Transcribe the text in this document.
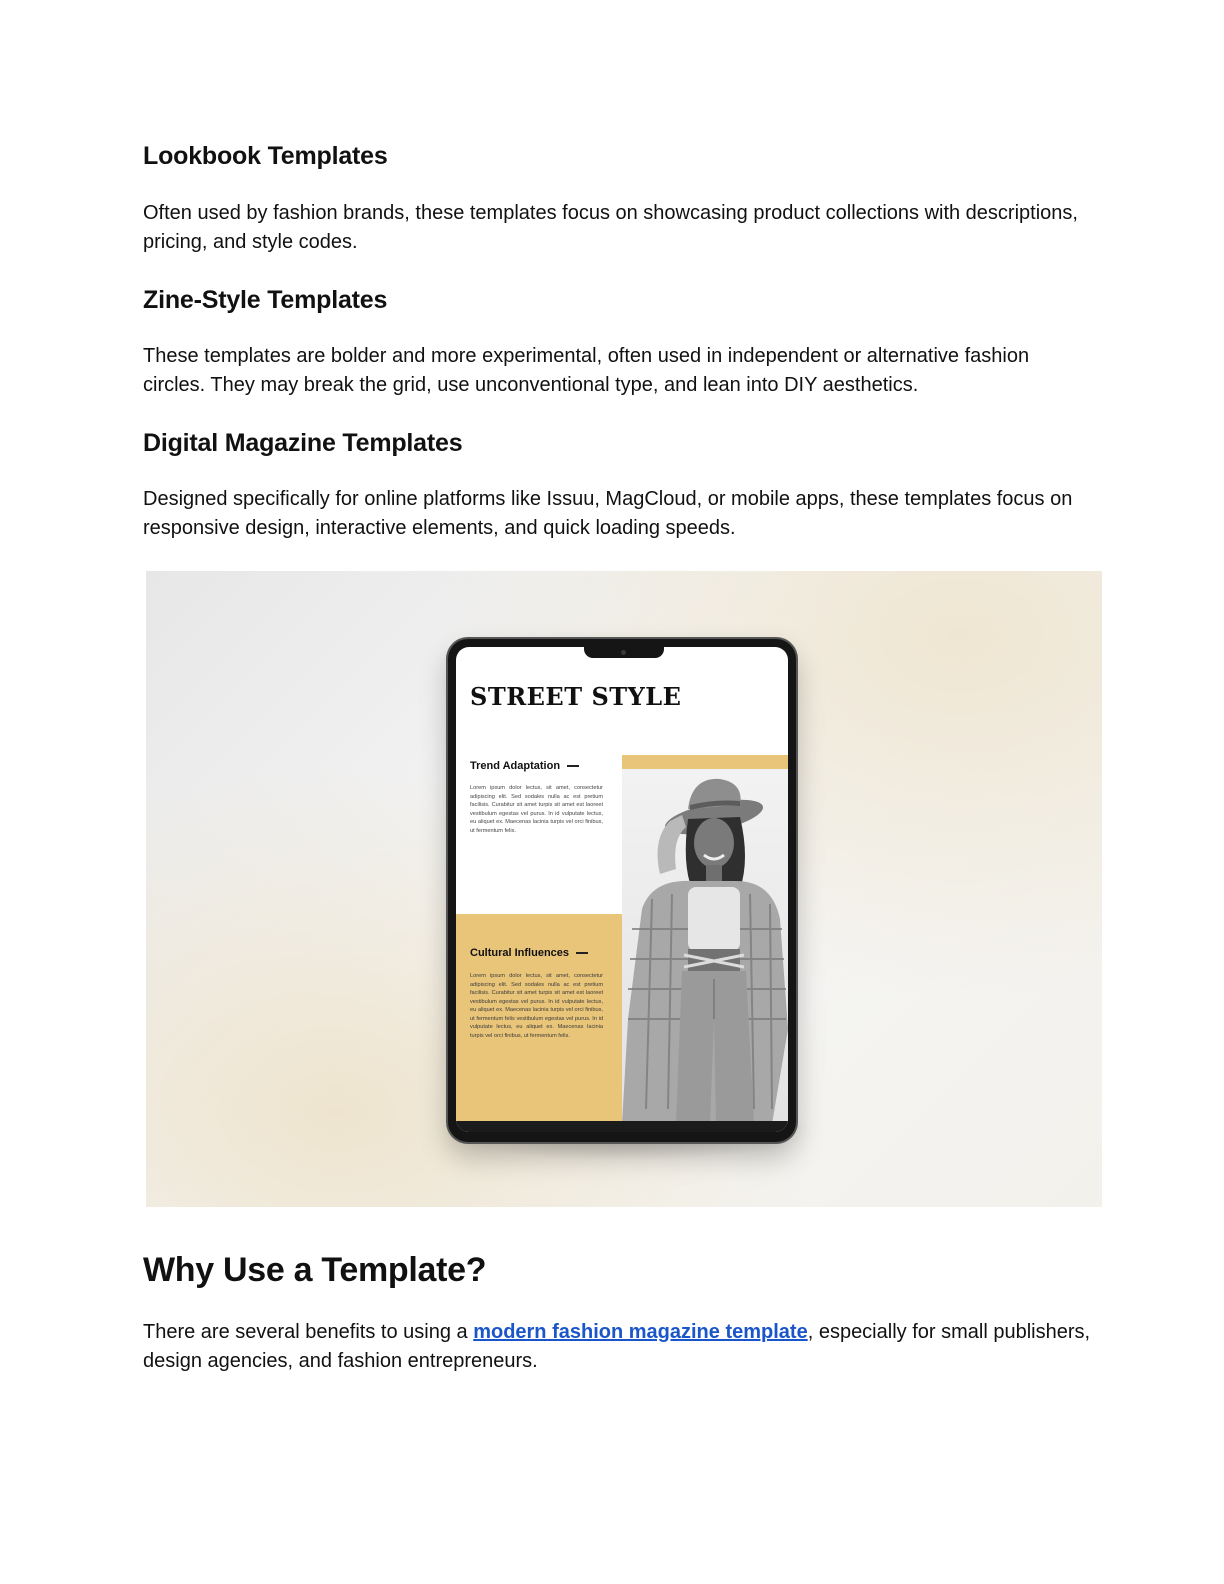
Lookbook Templates

Often used by fashion brands, these templates focus on showcasing product collections with descriptions, pricing, and style codes.

Zine-Style Templates

These templates are bolder and more experimental, often used in independent or alternative fashion circles. They may break the grid, use unconventional type, and lean into DIY aesthetics.

Digital Magazine Templates

Designed specifically for online platforms like Issuu, MagCloud, or mobile apps, these templates focus on responsive design, interactive elements, and quick loading speeds.

STREET STYLE
Trend Adaptation
Lorem ipsum dolor lectus, sit amet, consectetur adipiscing elit. Sed sodales nulla ac est pretium facilisis. Curabitur sit amet turpis sit amet est laoreet vestibulum egestas vel purus. In id vulputate lectus, eu aliquet ex. Maecenas lacinia turpis vel orci finibus, ut fermentum felis.
Cultural Influences
Lorem ipsum dolor lectus, sit amet, consectetur adipiscing elit. Sed sodales nulla ac est pretium facilisis. Curabitur sit amet turpis sit amet est laoreet vestibulum egestas vel purus. In id vulputate lectus, eu aliquet ex. Maecenas lacinia turpis vel orci finibus, ut fermentum felis vestibulum egestas vel purus. In id vulputate lectus, eu aliquet ex. Maecenas lacinia turpis vel orci finibus, ut fermentum felis.
Why Use a Template?

There are several benefits to using a modern fashion magazine template, especially for small publishers, design agencies, and fashion entrepreneurs.
